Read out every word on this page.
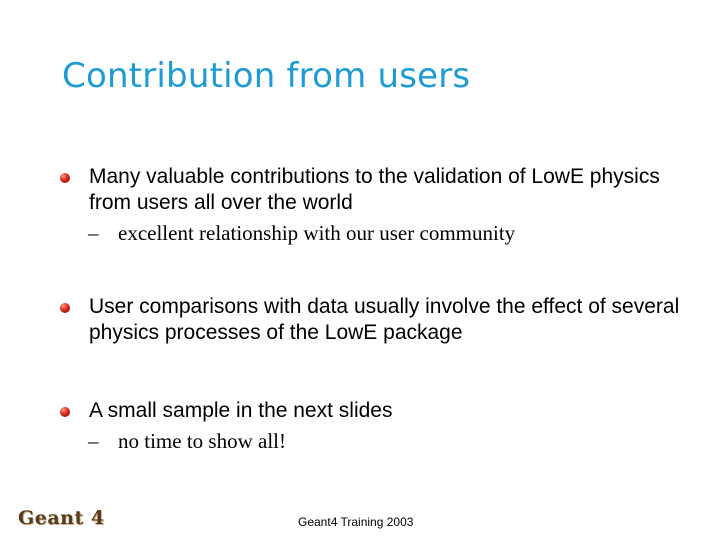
Contribution from users
Many valuable contributions to the validation of LowE physics from users all over the world
– excellent relationship with our user community
User comparisons with data usually involve the effect of several physics processes of the LowE package
A small sample in the next slides
– no time to show all!
Geant 4	Geant4 Training 2003
